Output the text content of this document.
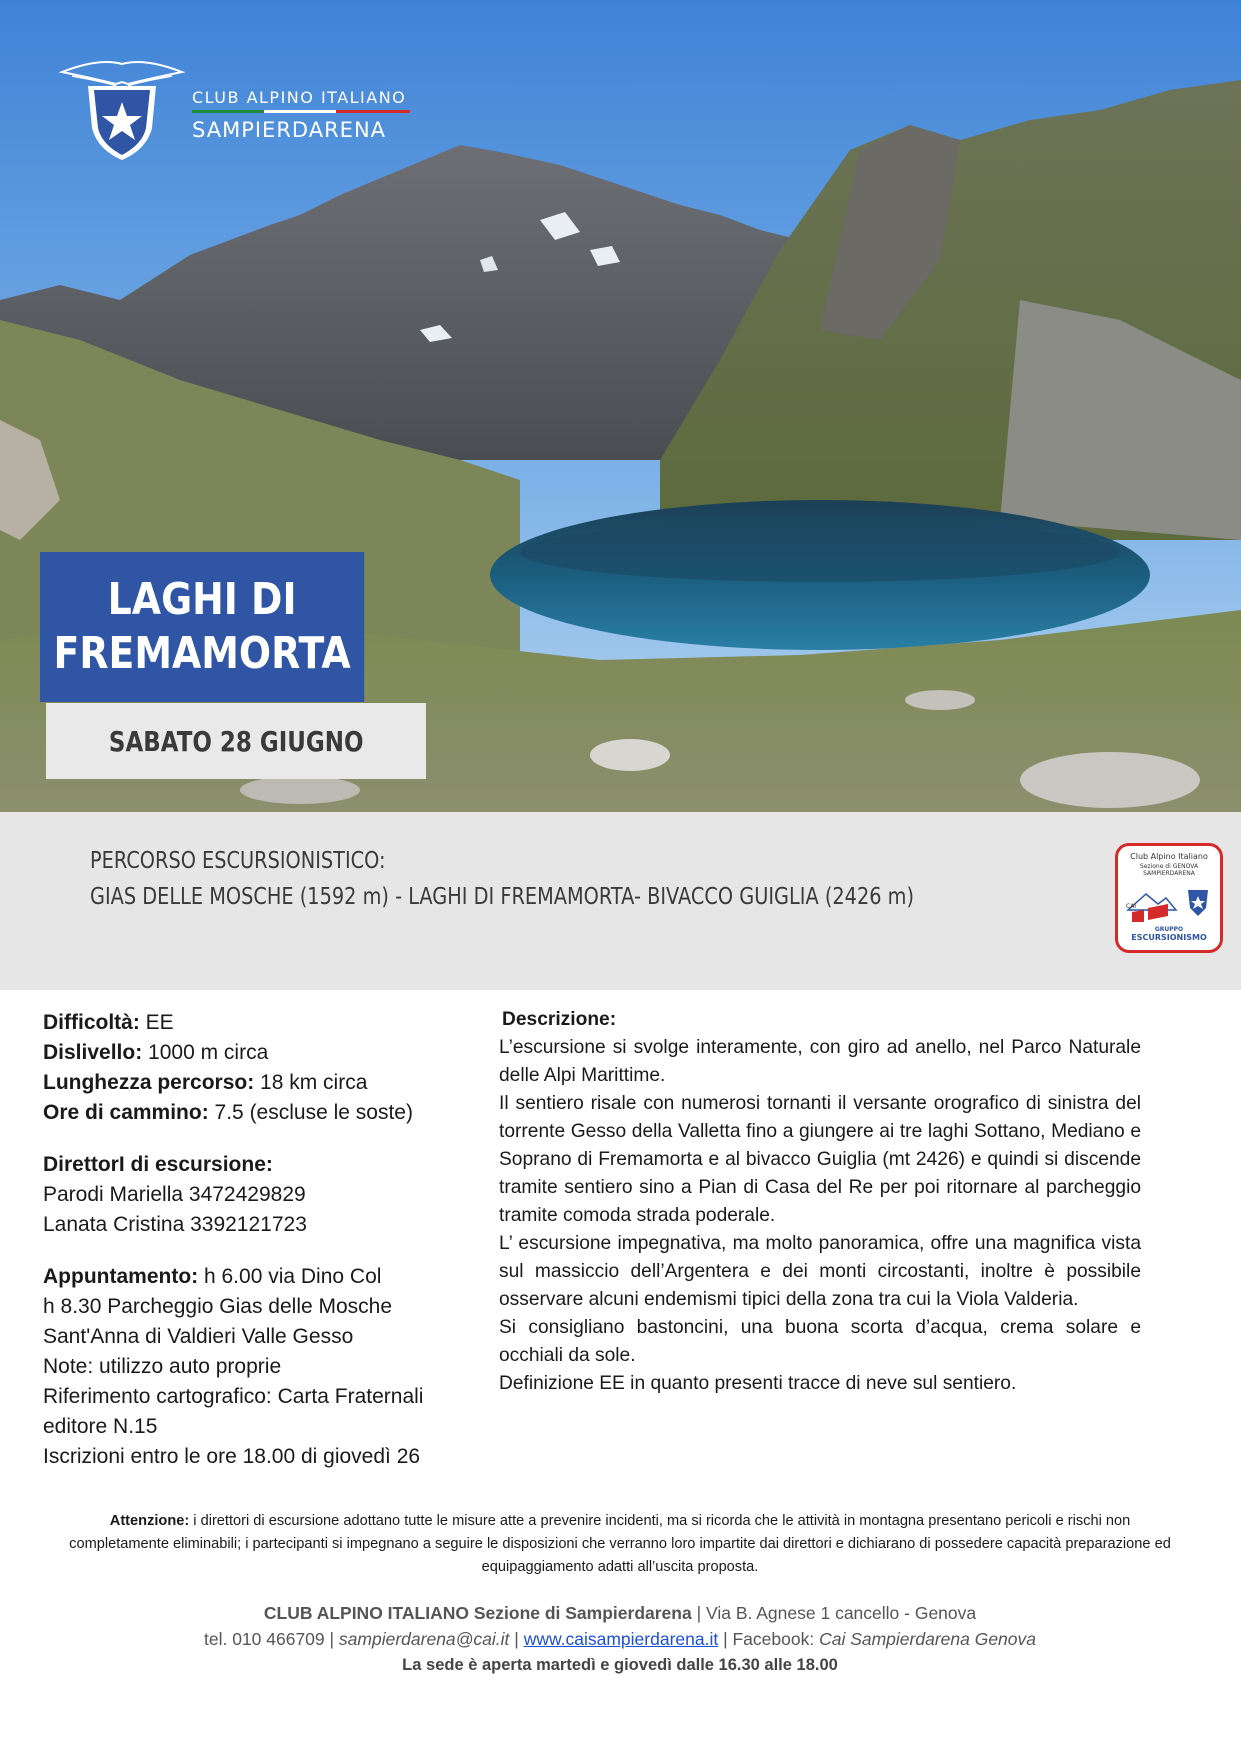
CLUB ALPINO ITALIANO
SAMPIERDARENA
LAGHI DI
FREMAMORTA
SABATO 28 GIUGNO
PERCORSO ESCURSIONISTICO:
GIAS DELLE MOSCHE (1592 m) - LAGHI DI FREMAMORTA- BIVACCO GUIGLIA (2426 m)
Club Alpino Italiano
Sezione di GENOVA
SAMPIERDARENA
CAI
GRUPPO
ESCURSIONISMO
Difficoltà: EE
Dislivello: 1000 m circa
Lunghezza percorso: 18 km circa
Ore di cammino: 7.5 (escluse le soste)
DirettorI di escursione:
Parodi Mariella 3472429829
Lanata Cristina 3392121723
Appuntamento: h 6.00 via Dino Col
h 8.30 Parcheggio Gias delle Mosche
Sant'Anna di Valdieri Valle Gesso
Note: utilizzo auto proprie
Riferimento cartografico: Carta Fraternali
editore N.15
Iscrizioni entro le ore 18.00 di giovedì 26
Descrizione:

L’escursione si svolge interamente, con giro ad anello, nel Parco Naturale delle Alpi Marittime.

Il sentiero risale con numerosi tornanti il versante orografico di sinistra del torrente Gesso della Valletta fino a giungere ai tre laghi Sottano, Mediano e Soprano di Fremamorta e al bivacco Guiglia (mt 2426) e quindi si discende tramite sentiero sino a Pian di Casa del Re per poi ritornare al parcheggio tramite comoda strada poderale.

L’ escursione impegnativa, ma molto panoramica, offre una magnifica vista sul massiccio dell’Argentera e dei monti circostanti, inoltre è possibile osservare alcuni endemismi tipici della zona tra cui la Viola Valderia.

Si consigliano bastoncini, una buona scorta d’acqua, crema solare e occhiali da sole.

Definizione EE in quanto presenti tracce di neve sul sentiero.

Attenzione: i direttori di escursione adottano tutte le misure atte a prevenire incidenti, ma si ricorda che le attività in montagna presentano pericoli e rischi non completamente eliminabili; i partecipanti si impegnano a seguire le disposizioni che verranno loro impartite dai direttori e dichiarano di possedere capacità preparazione ed equipaggiamento adatti all’uscita proposta.
CLUB ALPINO ITALIANO Sezione di Sampierdarena | Via B. Agnese 1 cancello - Genova
tel. 010 466709 | sampierdarena@cai.it | www.caisampierdarena.it | Facebook: Cai Sampierdarena Genova
La sede è aperta martedì e giovedì dalle 16.30 alle 18.00
